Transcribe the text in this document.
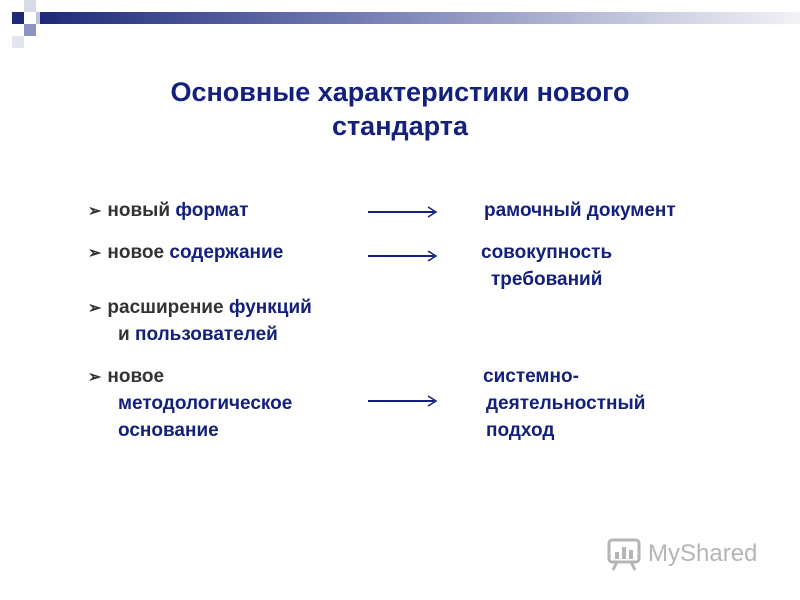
Основные характеристики нового
стандарта
➢ новый формат	рамочный документ
➢ новое содержание	совокупность
требований
➢ расширение функций
и пользователей
➢ новое
методологическое
основание
системно-
деятельностный
подход
MyShared
